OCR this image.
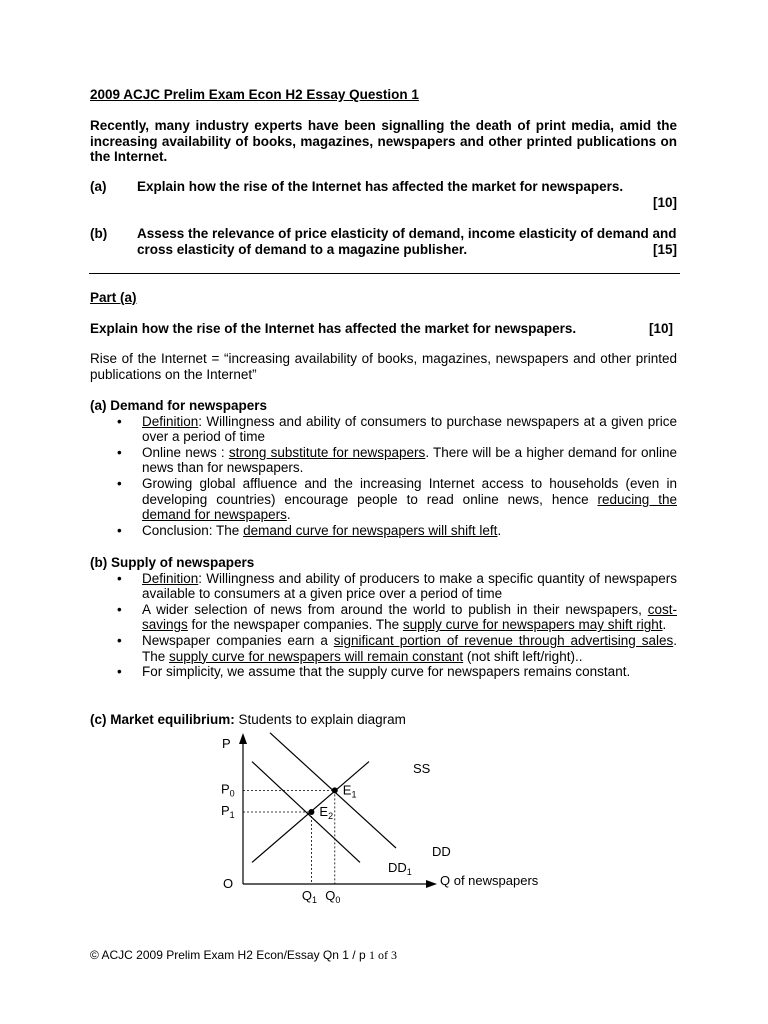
2009 ACJC Prelim Exam Econ H2 Essay Question 1
Recently, many industry experts have been signalling the death of print media, amid the increasing availability of books, magazines, newspapers and other printed publications on the Internet.
(a) Explain how the rise of the Internet has affected the market for newspapers.
[10]
(b) Assess the relevance of price elasticity of demand, income elasticity of demand and cross elasticity of demand to a magazine publisher.	[15]
Part (a)
Explain how the rise of the Internet has affected the market for newspapers.	[10]
Rise of the Internet = “increasing availability of books, magazines, newspapers and other printed publications on the Internet”
(a) Demand for newspapers
• Definition: Willingness and ability of consumers to purchase newspapers at a given price over a period of time
• Online news : strong substitute for newspapers. There will be a higher demand for online news than for newspapers.
• Growing global affluence and the increasing Internet access to households (even in developing countries) encourage people to read online news, hence reducing the demand for newspapers.
• Conclusion: The demand curve for newspapers will shift left.
(b) Supply of newspapers
• Definition: Willingness and ability of producers to make a specific quantity of newspapers available to consumers at a given price over a period of time
• A wider selection of news from around the world to publish in their newspapers, cost-savings for the newspaper companies. The supply curve for newspapers may shift right.
• Newspaper companies earn a significant portion of revenue through advertising sales. The supply curve for newspapers will remain constant (not shift left/right)..
• For simplicity, we assume that the supply curve for newspapers remains constant.
(c) Market equilibrium: Students to explain diagram
$E_1$
$E_2$
P
O	Q of newspapers
$P_0$
$P_1$
$Q_1$ $Q_0$
SS
DD
$DD_1$
© ACJC 2009 Prelim Exam H2 Econ/Essay Qn 1 / p 1 of 3
